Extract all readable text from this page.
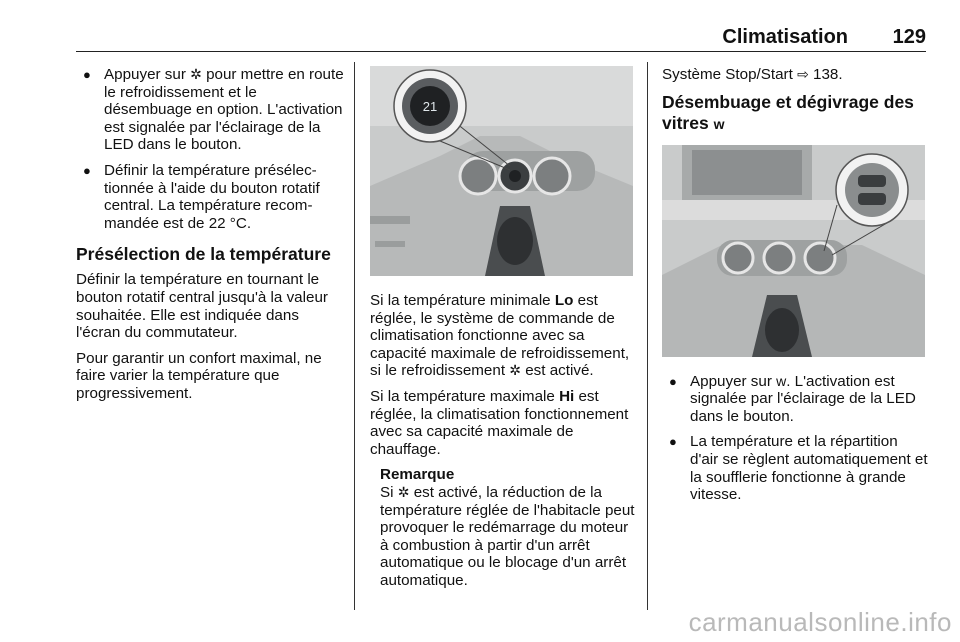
Climatisation 129
● Appuyer sur ✲ pour mettre en route le refroidissement et le désembuage en option. L'activation est signalée par l'éclairage de la LED dans le bouton.
● Définir la température présélectionnée à l'aide du bouton rotatif central. La température recommandée est de 22 °C.
Présélection de la température

Définir la température en tournant le bouton rotatif central jusqu'à la valeur souhaitée. Elle est indiquée dans l'écran du commutateur.

Pour garantir un confort maximal, ne faire varier la température que progressivement.

21

Si la température minimale Lo est réglée, le système de commande de climatisation fonctionne avec sa capacité maximale de refroidissement, si le refroidissement ✲ est activé.

Si la température maximale Hi est réglée, la climatisation fonctionnement avec sa capacité maximale de chauffage.

Remarque
Si ✲ est activé, la réduction de la température réglée de l'habitacle peut provoquer le redémarrage du moteur à combustion à partir d'un arrêt automatique ou le blocage d'un arrêt automatique.

Système Stop/Start ⇨ 138.

Désembuage et dégivrage des vitres ᴡ
● Appuyer sur ᴡ. L'activation est signalée par l'éclairage de la LED dans le bouton.
● La température et la répartition d'air se règlent automatiquement et la soufflerie fonctionne à grande vitesse.
carmanualsonline.info
